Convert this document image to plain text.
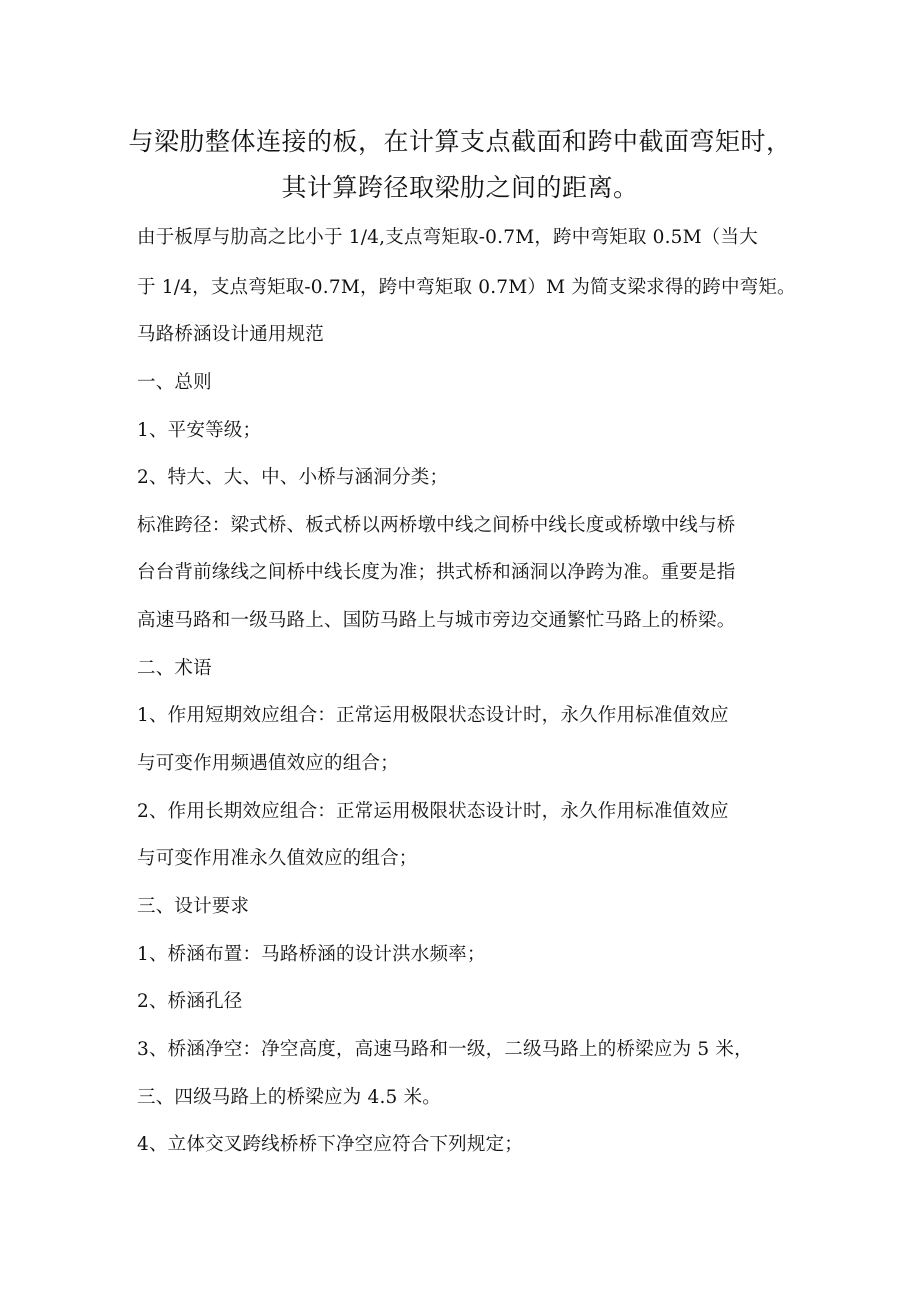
与梁肋整体连接的板，在计算支点截面和跨中截面弯矩时，
其计算跨径取梁肋之间的距离。
由于板厚与肋高之比小于 1/4,支点弯矩取-0.7M，跨中弯矩取 0.5M（当大
于 1/4，支点弯矩取-0.7M，跨中弯矩取 0.7M）M 为简支梁求得的跨中弯矩。
马路桥涵设计通用规范
一、总则
1、平安等级；
2、特大、大、中、小桥与涵洞分类；
标准跨径：梁式桥、板式桥以两桥墩中线之间桥中线长度或桥墩中线与桥
台台背前缘线之间桥中线长度为准；拱式桥和涵洞以净跨为准。重要是指
高速马路和一级马路上、国防马路上与城市旁边交通繁忙马路上的桥梁。
二、术语
1、作用短期效应组合：正常运用极限状态设计时，永久作用标准值效应
与可变作用频遇值效应的组合；
2、作用长期效应组合：正常运用极限状态设计时，永久作用标准值效应
与可变作用准永久值效应的组合；
三、设计要求
1、桥涵布置：马路桥涵的设计洪水频率；
2、桥涵孔径
3、桥涵净空：净空高度，高速马路和一级，二级马路上的桥梁应为 5 米，
三、四级马路上的桥梁应为 4.5 米。
4、立体交叉跨线桥桥下净空应符合下列规定；
